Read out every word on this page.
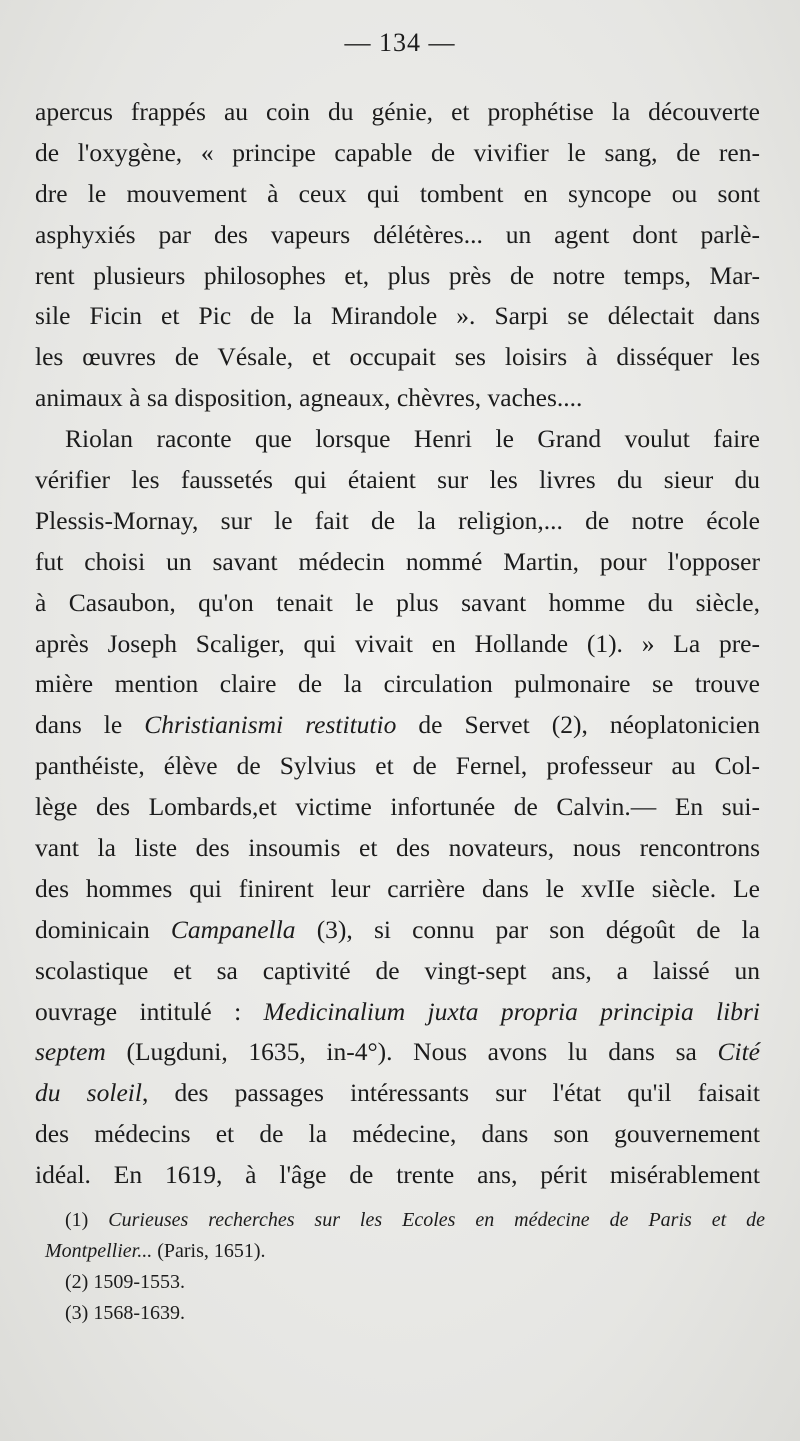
— 134 —
apercus frappés au coin du génie, et prophétise la découverte
de l'oxygène, « principe capable de vivifier le sang, de ren-
dre le mouvement à ceux qui tombent en syncope ou sont
asphyxiés par des vapeurs délétères... un agent dont parlè-
rent plusieurs philosophes et, plus près de notre temps, Mar-
sile Ficin et Pic de la Mirandole ». Sarpi se délectait dans
les œuvres de Vésale, et occupait ses loisirs à disséquer les
animaux à sa disposition, agneaux, chèvres, vaches....
Riolan raconte que lorsque Henri le Grand voulut faire
vérifier les faussetés qui étaient sur les livres du sieur du
Plessis-Mornay, sur le fait de la religion,... de notre école
fut choisi un savant médecin nommé Martin, pour l'opposer
à Casaubon, qu'on tenait le plus savant homme du siècle,
après Joseph Scaliger, qui vivait en Hollande (1). » La pre-
mière mention claire de la circulation pulmonaire se trouve
dans le Christianismi restitutio de Servet (2), néoplatonicien
panthéiste, élève de Sylvius et de Fernel, professeur au Col-
lège des Lombards,et victime infortunée de Calvin.— En sui-
vant la liste des insoumis et des novateurs, nous rencontrons
des hommes qui finirent leur carrière dans le xvIIe siècle. Le
dominicain Campanella (3), si connu par son dégoût de la
scolastique et sa captivité de vingt-sept ans, a laissé un
ouvrage intitulé : Medicinalium juxta propria principia libri
septem (Lugduni, 1635, in-4°). Nous avons lu dans sa Cité
du soleil, des passages intéressants sur l'état qu'il faisait
des médecins et de la médecine, dans son gouvernement
idéal. En 1619, à l'âge de trente ans, périt misérablement
(1) Curieuses recherches sur les Ecoles en médecine de Paris et de
Montpellier... (Paris, 1651).
(2) 1509-1553.
(3) 1568-1639.
